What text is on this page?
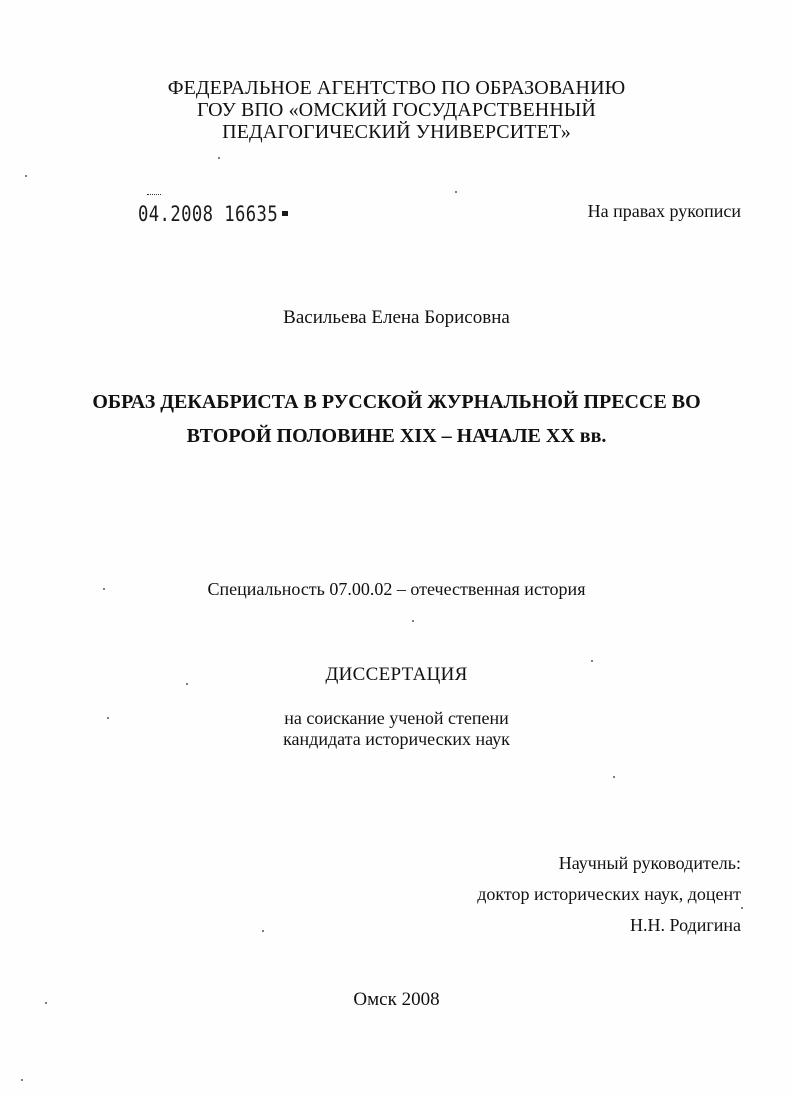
ФЕДЕРАЛЬНОЕ АГЕНТСТВО ПО ОБРАЗОВАНИЮ
ГОУ ВПО «ОМСКИЙ ГОСУДАРСТВЕННЫЙ
ПЕДАГОГИЧЕСКИЙ УНИВЕРСИТЕТ»
04.2008 16635	На правах рукописи
Васильева Елена Борисовна
ОБРАЗ ДЕКАБРИСТА В РУССКОЙ ЖУРНАЛЬНОЙ ПРЕССЕ ВО
ВТОРОЙ ПОЛОВИНЕ XIX – НАЧАЛЕ XX вв.
Специальность 07.00.02 – отечественная история
ДИССЕРТАЦИЯ
на соискание ученой степени
кандидата исторических наук
Научный руководитель:
доктор исторических наук, доцент
Н.Н. Родигина
Омск 2008
